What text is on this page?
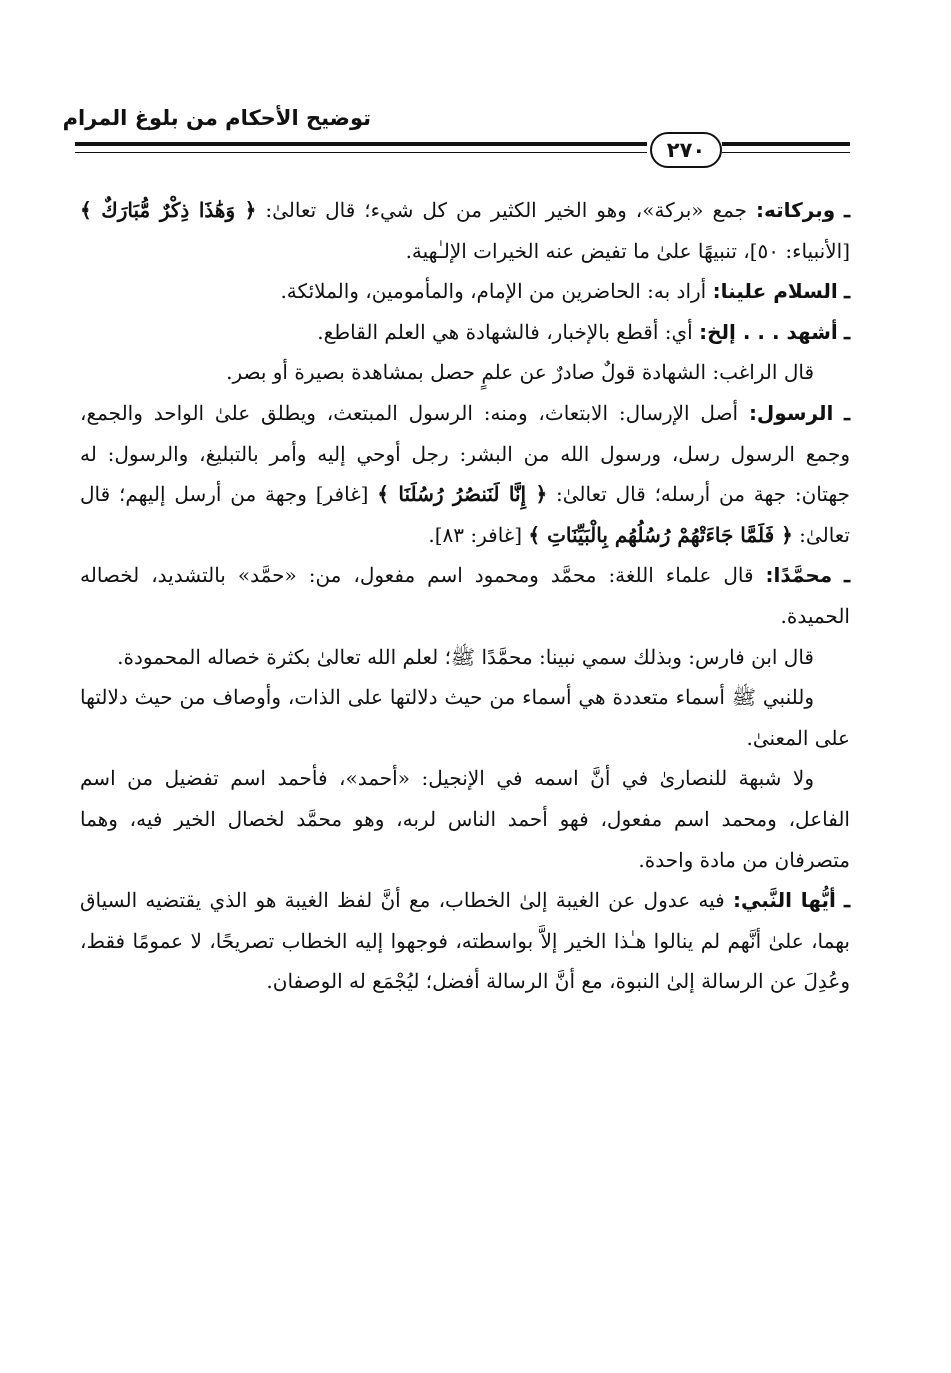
توضيح الأحكام من بلوغ المرام
٢٧٠

ـ وبركاته: جمع «بركة»، وهو الخير الكثير من كل شيء؛ قال تعالىٰ: ﴿ وَهَٰذَا ذِكْرٌ مُّبَارَكٌ ﴾ [الأنبياء: ٥٠]، تنبيهًا علىٰ ما تفيض عنه الخيرات الإلـٰهية.

ـ السلام علينا: أراد به: الحاضرين من الإمام، والمأمومين، والملائكة.

ـ أشهد . . . إلخ: أي: أقطع بالإخبار، فالشهادة هي العلم القاطع.

قال الراغب: الشهادة قولٌ صادرٌ عن علمٍ حصل بمشاهدة بصيرة أو بصر.

ـ الرسول: أصل الإرسال: الابتعاث، ومنه: الرسول المبتعث، ويطلق علىٰ الواحد والجمع، وجمع الرسول رسل، ورسول الله من البشر: رجل أوحي إليه وأمر بالتبليغ، والرسول: له جهتان: جهة من أرسله؛ قال تعالىٰ: ﴿ إِنَّا لَنَنصُرُ رُسُلَنَا ﴾ [غافر] وجهة من أرسل إليهم؛ قال تعالىٰ: ﴿ فَلَمَّا جَاءَتْهُمْ رُسُلُهُم بِالْبَيِّنَاتِ ﴾ [غافر: ٨٣].

ـ محمَّدًا: قال علماء اللغة: محمَّد ومحمود اسم مفعول، من: «حمَّد» بالتشديد، لخصاله الحميدة.

قال ابن فارس: وبذلك سمي نبينا: محمَّدًا ﷺ؛ لعلم الله تعالىٰ بكثرة خصاله المحمودة.

وللنبي ﷺ أسماء متعددة هي أسماء من حيث دلالتها على الذات، وأوصاف من حيث دلالتها على المعنىٰ.

ولا شبهة للنصارىٰ في أنَّ اسمه في الإنجيل: «أحمد»، فأحمد اسم تفضيل من اسم الفاعل، ومحمد اسم مفعول، فهو أحمد الناس لربه، وهو محمَّد لخصال الخير فيه، وهما متصرفان من مادة واحدة.

ـ أيُّها النَّبي: فيه عدول عن الغيبة إلىٰ الخطاب، مع أنَّ لفظ الغيبة هو الذي يقتضيه السياق بهما، علىٰ أنَّهم لم ينالوا هـٰذا الخير إلاَّ بواسطته، فوجهوا إليه الخطاب تصريحًا، لا عمومًا فقط، وعُدِلَ عن الرسالة إلىٰ النبوة، مع أنَّ الرسالة أفضل؛ ليُجْمَع له الوصفان.
